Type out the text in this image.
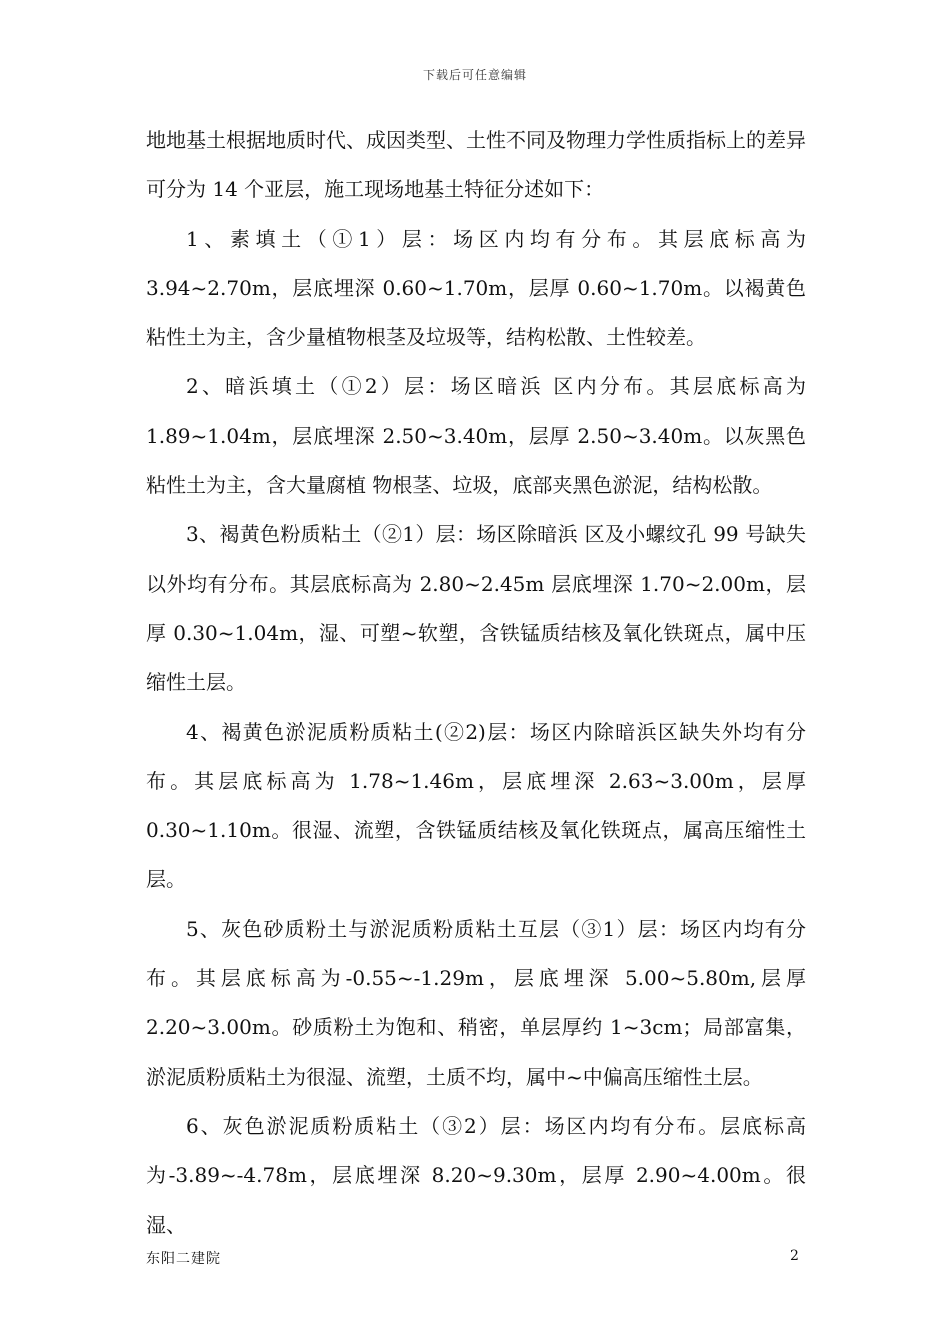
下载后可任意编辑

地地基土根据地质时代、成因类型、土性不同及物理力学性质指标上的差异可分为 14 个亚层，施工现场地基土特征分述如下：

1、素填土（①1）层：场区内均有分布。其层底标高为 3.94~2.70m，层底埋深 0.60~1.70m，层厚 0.60~1.70m。以褐黄色粘性土为主，含少量植物根茎及垃圾等，结构松散、土性较差。

2、暗浜填土（①2）层：场区暗浜 区内分布。其层底标高为 1.89~1.04m，层底埋深 2.50~3.40m，层厚 2.50~3.40m。以灰黑色粘性土为主，含大量腐植 物根茎、垃圾，底部夹黑色淤泥，结构松散。

3、褐黄色粉质粘土（②1）层：场区除暗浜 区及小螺纹孔 99 号缺失以外均有分布。其层底标高为 2.80~2.45m 层底埋深 1.70~2.00m，层厚 0.30~1.04m，湿、可塑~软塑，含铁锰质结核及氧化铁斑点，属中压缩性土层。

4、褐黄色淤泥质粉质粘土(②2)层：场区内除暗浜区缺失外均有分布。其层底标高为 1.78~1.46m，层底埋深 2.63~3.00m，层厚 0.30~1.10m。很湿、流塑，含铁锰质结核及氧化铁斑点，属高压缩性土层。

5、灰色砂质粉土与淤泥质粉质粘土互层（③1）层：场区内均有分布。其层底标高为-0.55~-1.29m，层底埋深 5.00~5.80m,层厚 2.20~3.00m。砂质粉土为饱和、稍密，单层厚约 1~3cm；局部富集，淤泥质粉质粘土为很湿、流塑，土质不均，属中~中偏高压缩性土层。

6、灰色淤泥质粉质粘土（③2）层：场区内均有分布。层底标高为-3.89~-4.78m，层底埋深 8.20~9.30m，层厚 2.90~4.00m。很湿、

东阳二建院	2
